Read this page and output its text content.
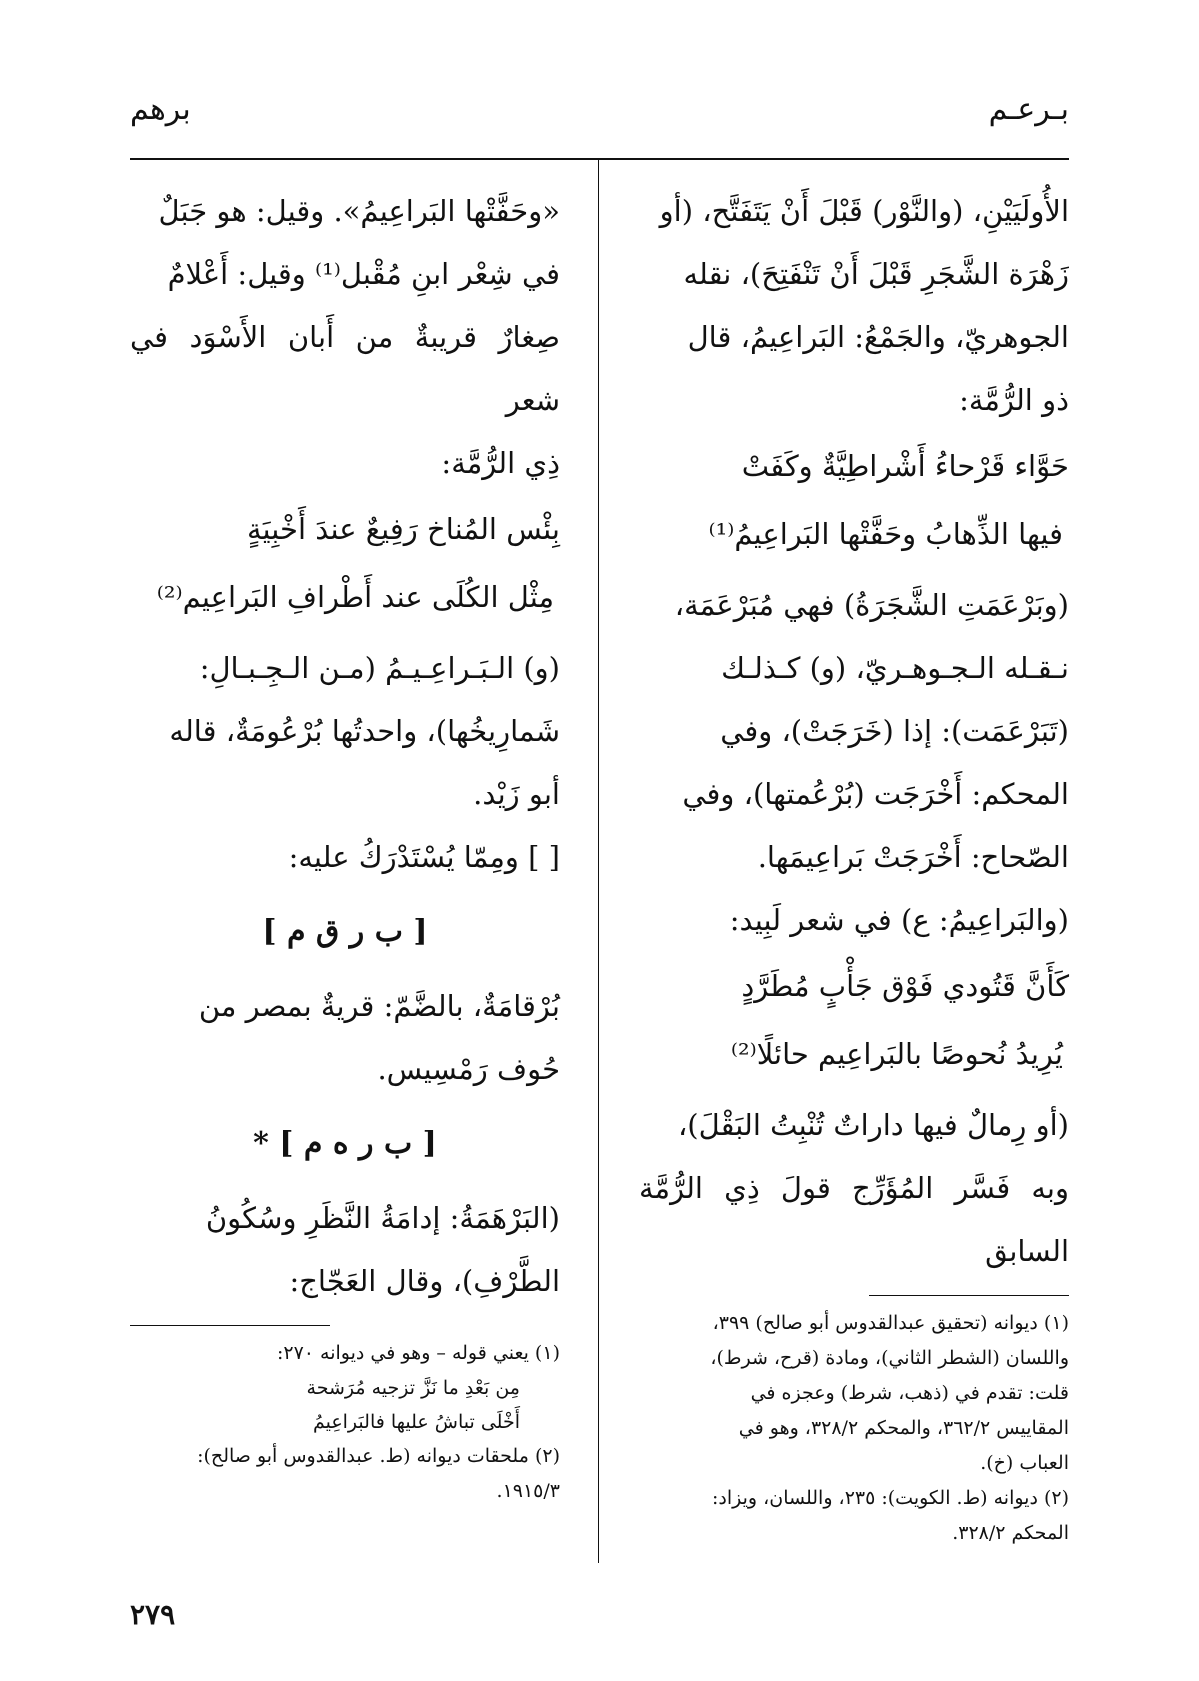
بـرعـم
برهم

الأُولَيَيْنِ، (والنَّوْر) قَبْلَ أَنْ يَتَفَتَّح، (أو

زَهْرَة الشَّجَرِ قَبْلَ أَنْ تَنْفَتِحَ)، نقله

الجوهريّ، والجَمْعُ: البَراعِيمُ، قال

ذو الرُّمَّة:

حَوَّاء قَرْحاءُ أَشْراطِيَّةٌ وكَفَتْ

فيها الذِّهابُ وحَفَّتْها البَراعِيمُ⁽¹⁾

(وبَرْعَمَتِ الشَّجَرَةُ) فهي مُبَرْعَمَة،

نـقـله الـجـوهـريّ، (و) كـذلـك

(تَبَرْعَمَت): إذا (خَرَجَتْ)، وفي

المحكم: أَخْرَجَت (بُرْعُمتها)، وفي

الصّحاح: أَخْرَجَتْ بَراعِيمَها.

(والبَراعِيمُ: ع) في شعر لَبِيد:

كَأَنَّ قَتُودي فَوْق جَأْبٍ مُطَرَّدٍ

يُرِيدُ نُحوصًا بالبَراعِيم حائلًا⁽²⁾

(أو رِمالٌ فيها داراتٌ تُنْبِتُ البَقْلَ)،

وبه فَسَّر المُؤَرِّج قولَ ذِي الرُّمَّة السابق

(١) ديوانه (تحقيق عبدالقدوس أبو صالح) ٣٩٩،

واللسان (الشطر الثاني)، ومادة (قرح، شرط)،

قلت: تقدم في (ذهب، شرط) وعجزه في

المقاييس ٣٦٢/٢، والمحكم ٣٢٨/٢، وهو في

العباب (خ).

(٢) ديوانه (ط. الكويت): ٢٣٥، واللسان، ويزاد:

المحكم ٣٢٨/٢.

«وحَفَّتْها البَراعِيمُ». وقيل: هو جَبَلٌ

في شِعْر ابنِ مُقْبل⁽¹⁾ وقيل: أَعْلامٌ

صِغارٌ قريبةٌ من أَبان الأَسْوَد في شعر

ذِي الرُّمَّة:

بِئْس المُناخ رَفِيعٌ عندَ أَخْبِيَةٍ

مِثْل الكُلَى عند أَطْرافِ البَراعِيم⁽²⁾

(و) الـبَـراعِـيـمُ (مـن الـجِـبـالِ:

شَمارِيخُها)، واحدتُها بُرْعُومَةٌ، قاله

أبو زَيْد.

[ ] ومِمّا يُسْتَدْرَكُ عليه:

[ ب ر ق م ]

بُرْقامَةٌ، بالضَّمّ: قريةٌ بمصر من

حُوف رَمْسِيس.

[ ب ر ه م ] *

(البَرْهَمَةُ: إدامَةُ النَّظَرِ وسُكُونُ

الطَّرْفِ)، وقال العَجّاج:

(١) يعني قوله – وهو في ديوانه ٢٧٠:

مِن بَعْدِ ما نَزَّ تزجيه مُرَشحة

أَخْلَى تباشُ عليها فالبَراعِيمُ

(٢) ملحقات ديوانه (ط. عبدالقدوس أبو صالح):

١٩١٥/٣.

٢٧٩
